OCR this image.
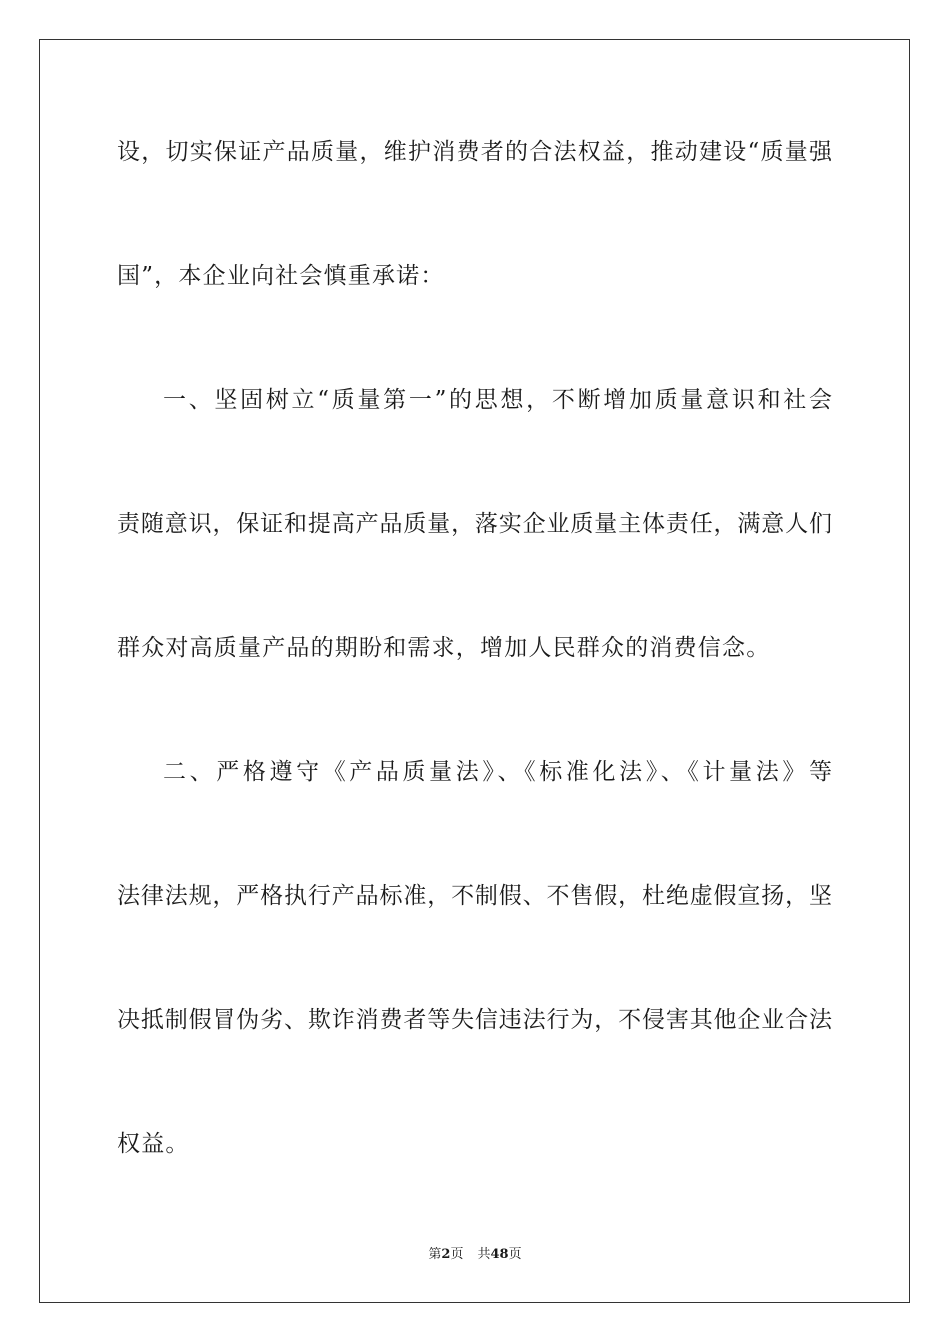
设，切实保证产品质量，维护消费者的合法权益，推动建设“质量强
国”，本企业向社会慎重承诺：
一、坚固树立“质量第一”的思想，不断增加质量意识和社会
责随意识，保证和提高产品质量，落实企业质量主体责任，满意人们
群众对高质量产品的期盼和需求，增加人民群众的消费信念。
二、严格遵守《产品质量法》、《标准化法》、《计量法》等
法律法规，严格执行产品标准，不制假、不售假，杜绝虚假宣扬，坚
决抵制假冒伪劣、欺诈消费者等失信违法行为，不侵害其他企业合法
权益。
第2页 共48页
